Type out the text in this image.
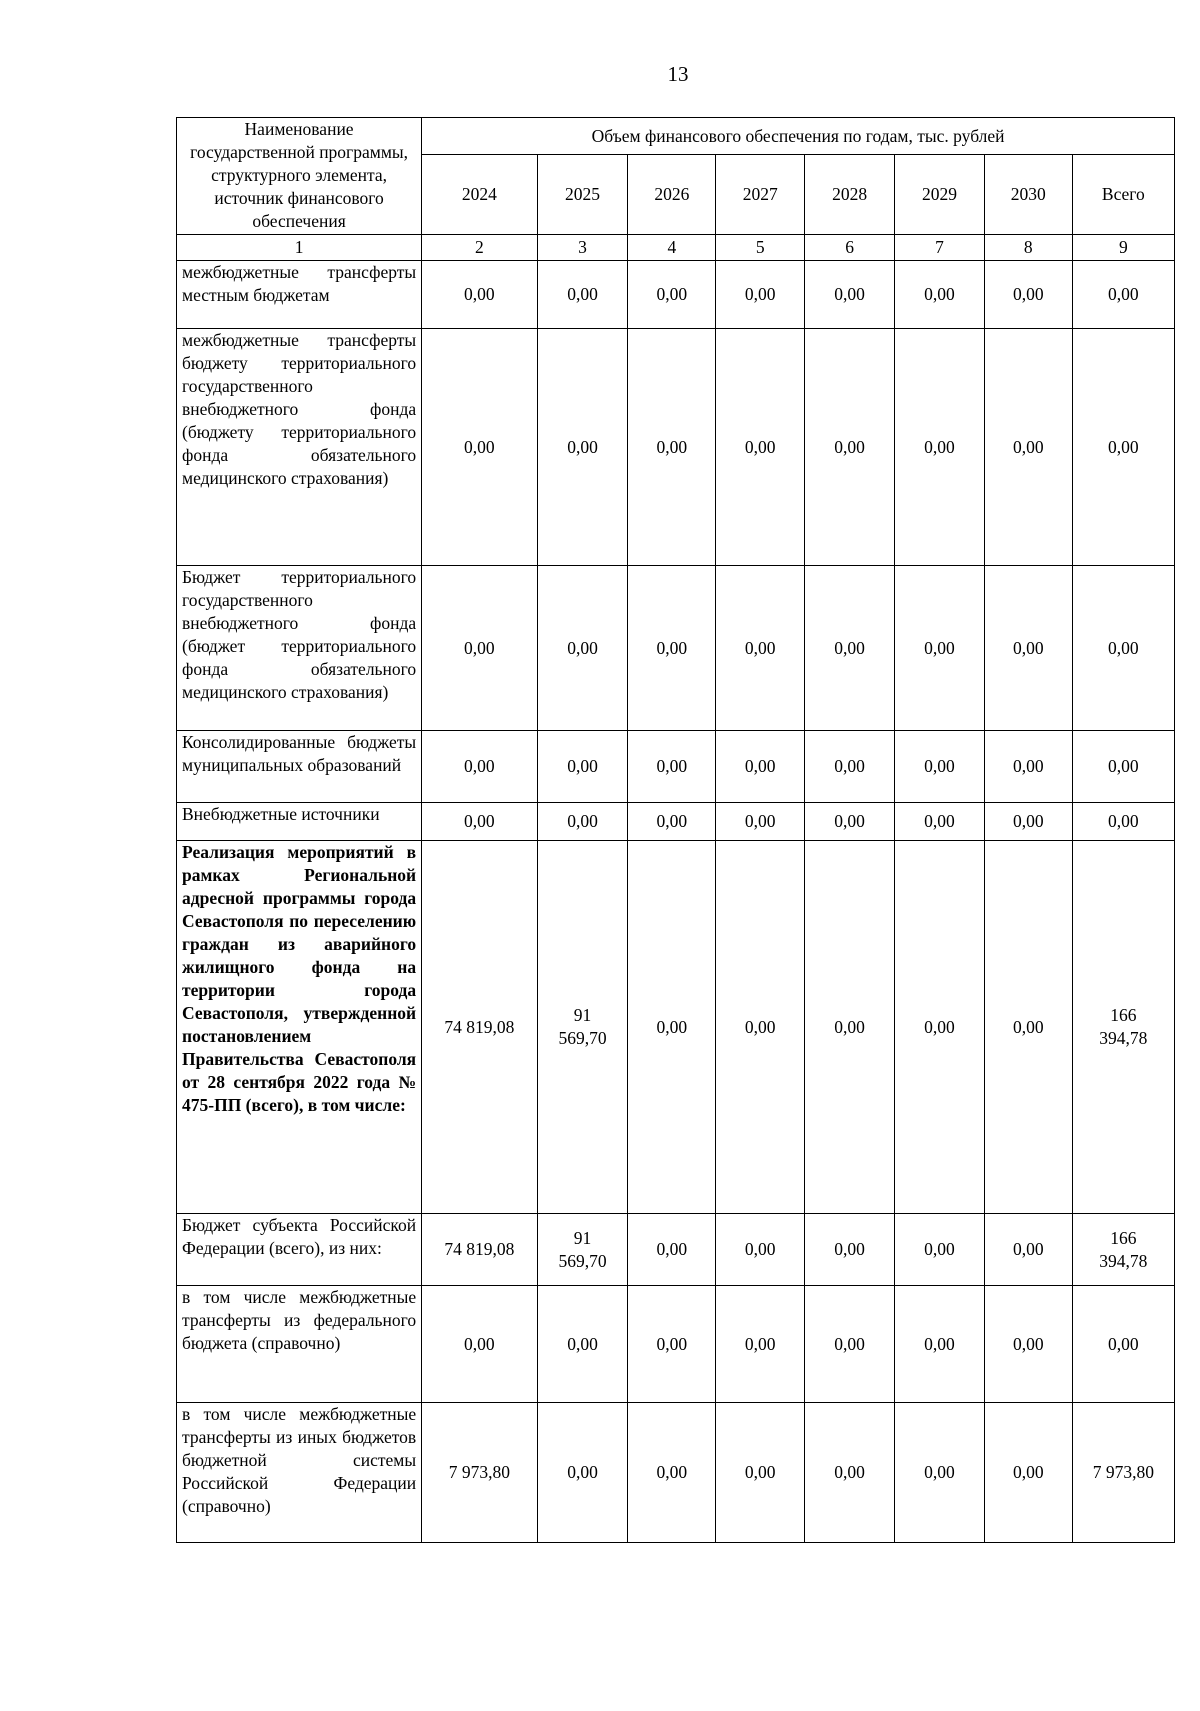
13
Наименование государственной программы, структурного элемента, источник финансового обеспечения	Объем финансового обеспечения по годам, тыс. рублей							
	2024	2025	2026	2027	2028	2029	2030	Всего
1	2	3	4	5	6	7	8	9
межбюджетные трансферты местным бюджетам	0,00	0,00	0,00	0,00	0,00	0,00	0,00	0,00
межбюджетные трансферты бюджету территориального государственного внебюджетного фонда (бюджету территориального фонда обязательного медицинского страхования)	0,00	0,00	0,00	0,00	0,00	0,00	0,00	0,00
Бюджет территориального государственного внебюджетного фонда (бюджет территориального фонда обязательного медицинского страхования)	0,00	0,00	0,00	0,00	0,00	0,00	0,00	0,00
Консолидированные бюджеты муниципальных образований	0,00	0,00	0,00	0,00	0,00	0,00	0,00	0,00
Внебюджетные источники	0,00	0,00	0,00	0,00	0,00	0,00	0,00	0,00
Реализация мероприятий в рамках Региональной адресной программы города Севастополя по переселению граждан из аварийного жилищного фонда на территории города Севастополя, утвержденной постановлением Правительства Севастополя от 28 сентября 2022 года № 475-ПП (всего), в том числе:	74 819,08	91 569,70	0,00	0,00	0,00	0,00	0,00	166 394,78
Бюджет субъекта Российской Федерации (всего), из них:	74 819,08	91 569,70	0,00	0,00	0,00	0,00	0,00	166 394,78
в том числе межбюджетные трансферты из федерального бюджета (справочно)	0,00	0,00	0,00	0,00	0,00	0,00	0,00	0,00
в том числе межбюджетные трансферты из иных бюджетов бюджетной системы Российской Федерации (справочно)	7 973,80	0,00	0,00	0,00	0,00	0,00	0,00	7 973,80
